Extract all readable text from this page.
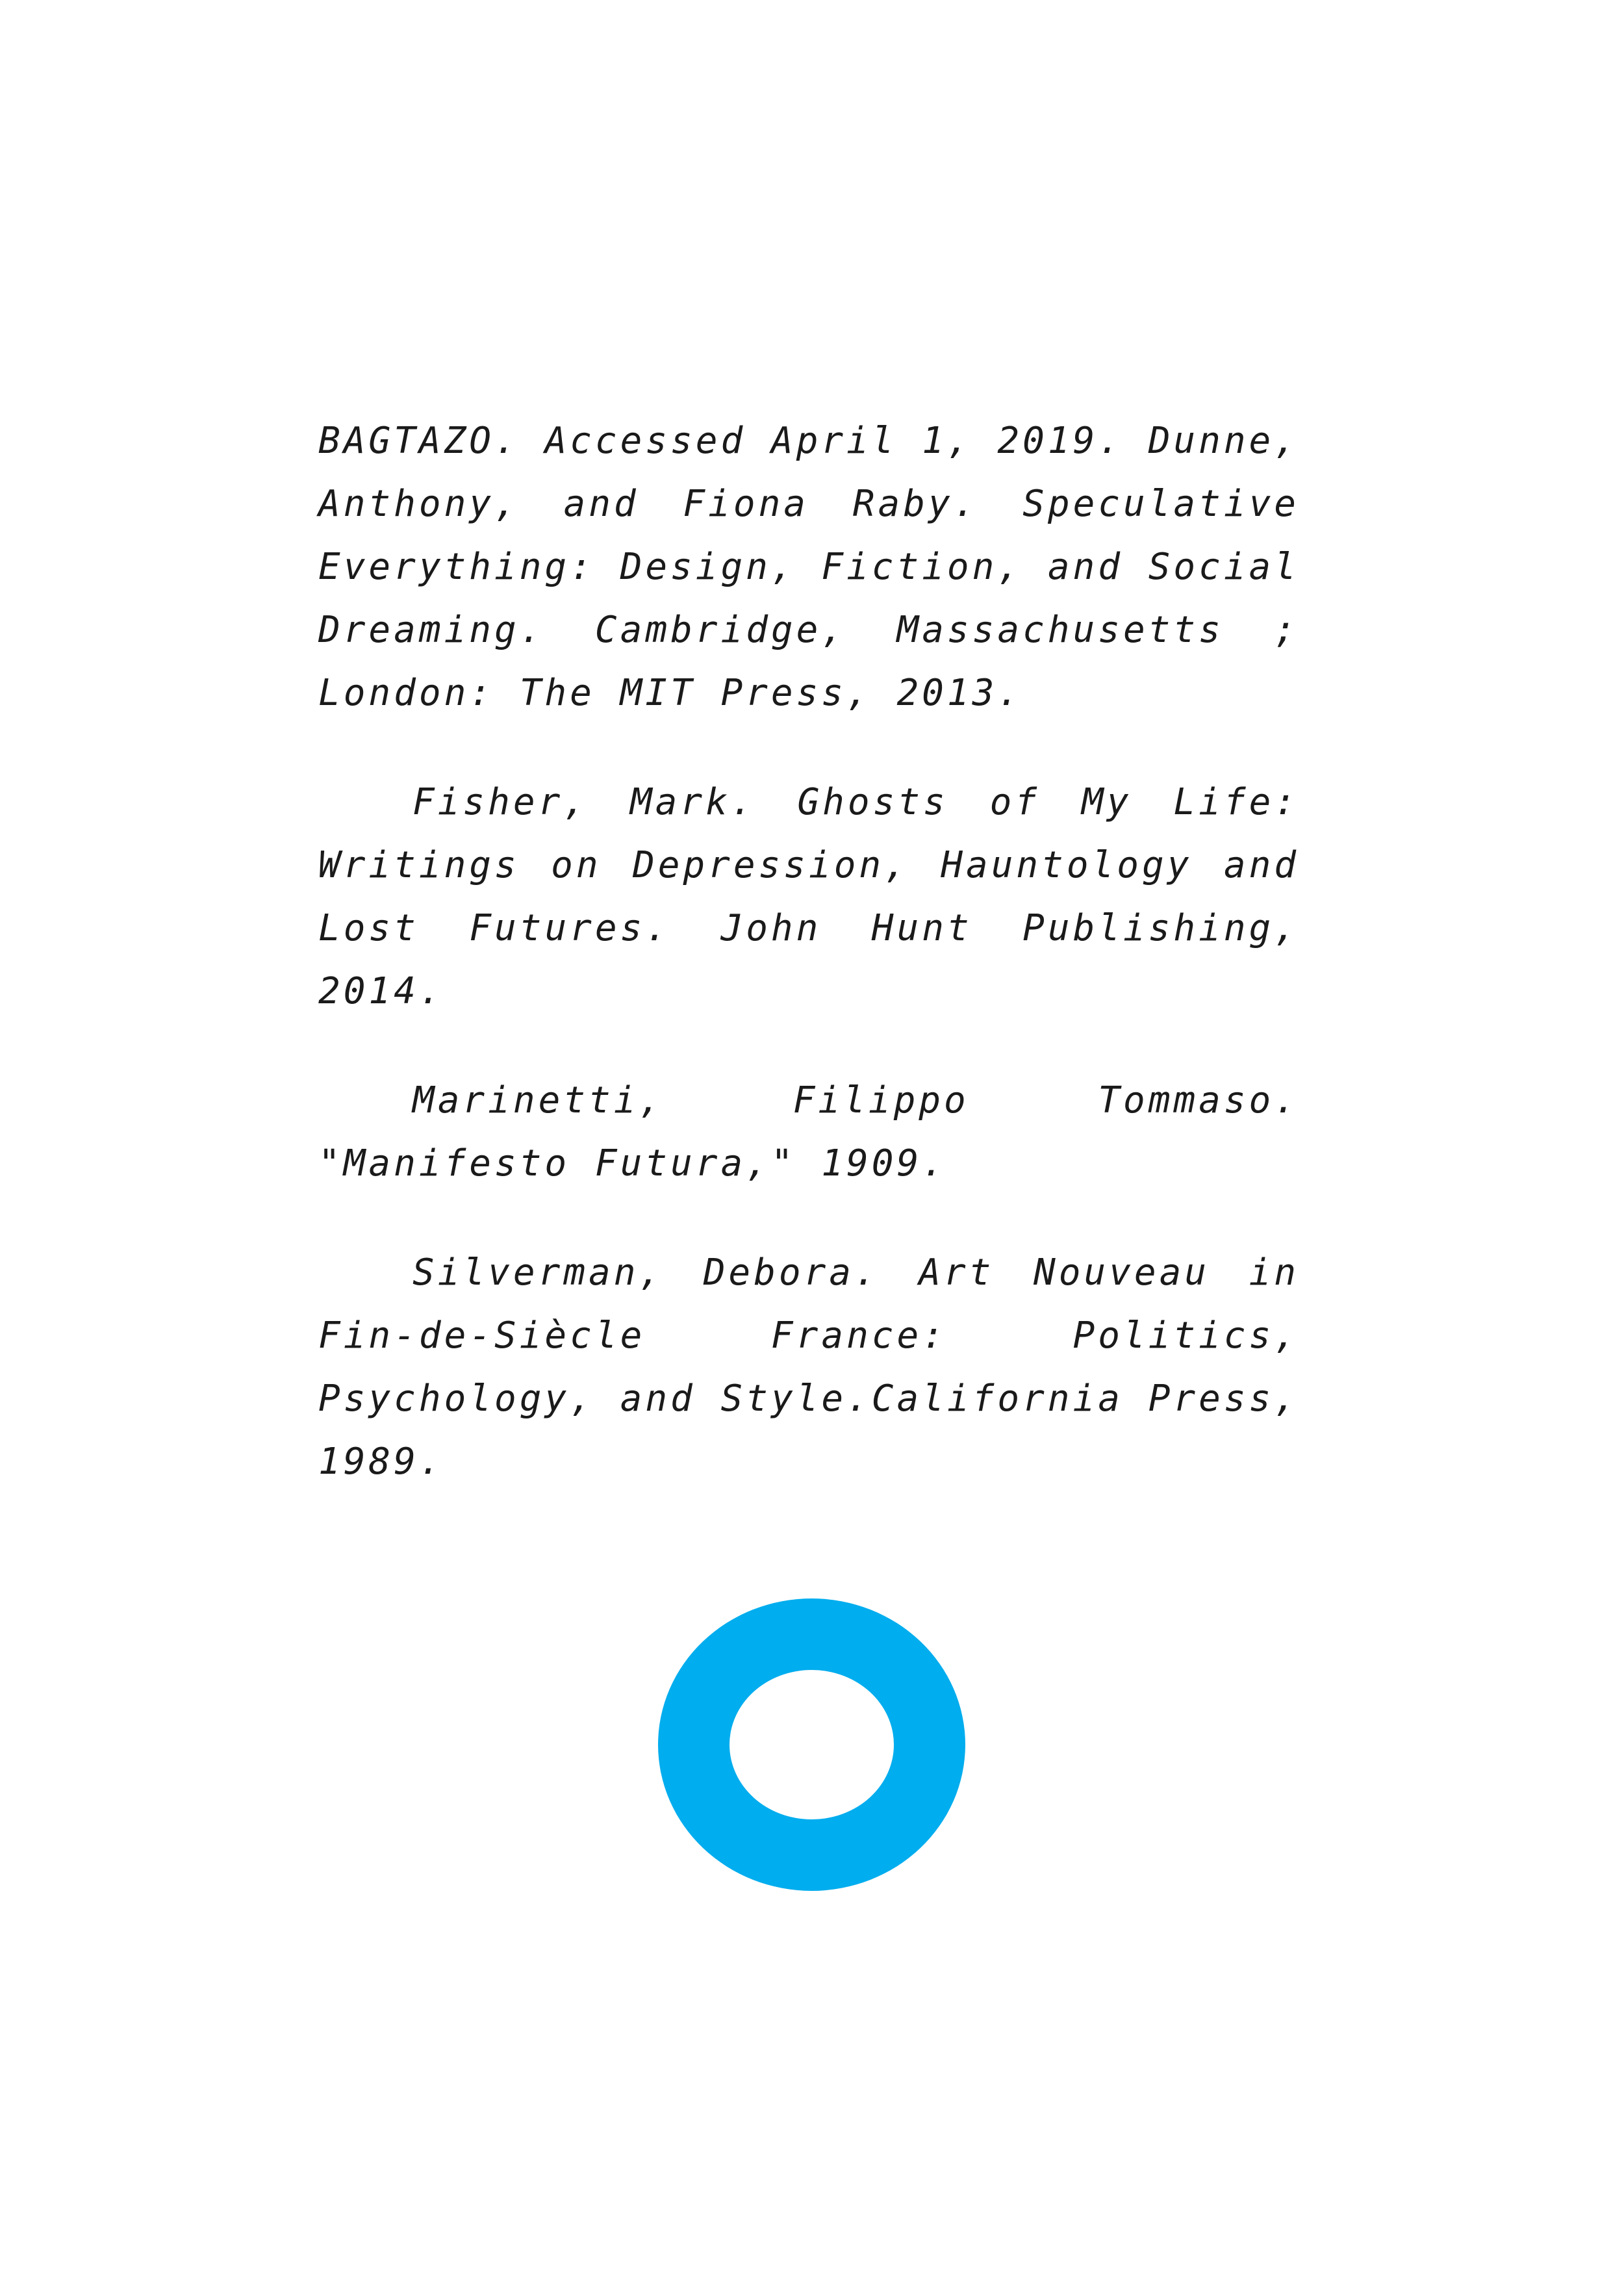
BAGTAZO. Accessed April 1, 2019. Dunne, Anthony, and Fiona Raby. Speculative Everything: Design, Fiction, and Social Dreaming. Cambridge, Massachusetts ; London: The MIT Press, 2013.

Fisher, Mark. Ghosts of My Life: Writings on Depression, Hauntology and Lost Futures. John Hunt Publishing, 2014.

Marinetti, Filippo Tommaso. "Manifesto Futura," 1909.

Silverman, Debora. Art Nouveau in Fin-de-Siècle France: Politics, Psychology, and Style.California Press, 1989.
